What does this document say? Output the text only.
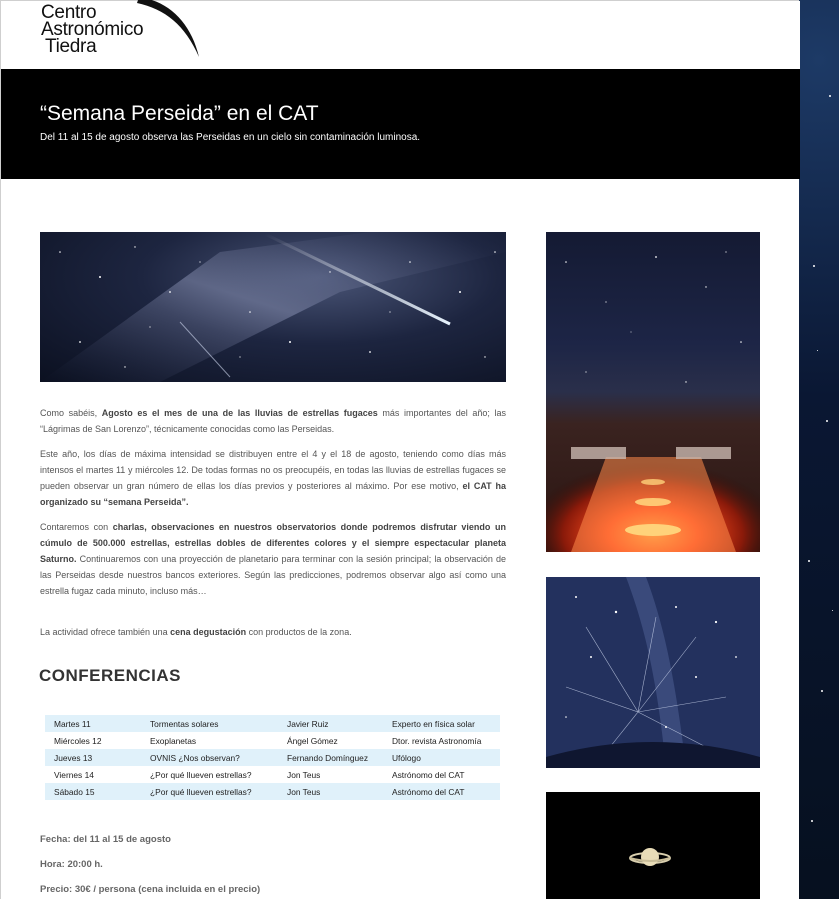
Centro
Astronómico
Tiedra
“Semana Perseida” en el CAT
Del 11 al 15 de agosto observa las Perseidas en un cielo sin contaminación luminosa.

Como sabéis, Agosto es el mes de una de las lluvias de estrellas fugaces más importantes del año; las “Lágrimas de San Lorenzo”, técnicamente conocidas como las Perseidas.

Este año, los días de máxima intensidad se distribuyen entre el 4 y el 18 de agosto, teniendo como días más intensos el martes 11 y miércoles 12. De todas formas no os preocupéis, en todas las lluvias de estrellas fugaces se pueden observar un gran número de ellas los días previos y posteriores al máximo. Por ese motivo, el CAT ha organizado su “semana Perseida”.

Contaremos con charlas, observaciones en nuestros observatorios donde podremos disfrutar viendo un cúmulo de 500.000 estrellas, estrellas dobles de diferentes colores y el siempre espectacular planeta Saturno. Continuaremos con una proyección de planetario para terminar con la sesión principal; la observación de las Perseidas desde nuestros bancos exteriores. Según las predicciones, podremos observar algo así como una estrella fugaz cada minuto, incluso más…

La actividad ofrece también una cena degustación con productos de la zona.

CONFERENCIAS
Martes 11	Tormentas solares	Javier Ruiz	Experto en física solar
Miércoles 12	Exoplanetas	Ángel Gómez	Dtor. revista Astronomía
Jueves 13	OVNIS ¿Nos observan?	Fernando Domínguez	Ufólogo
Viernes 14	¿Por qué llueven estrellas?	Jon Teus	Astrónomo del CAT
Sábado 15	¿Por qué llueven estrellas?	Jon Teus	Astrónomo del CAT
Fecha: del 11 al 15 de agosto
Hora: 20:00 h.
Precio: 30€ / persona (cena incluida en el precio)
